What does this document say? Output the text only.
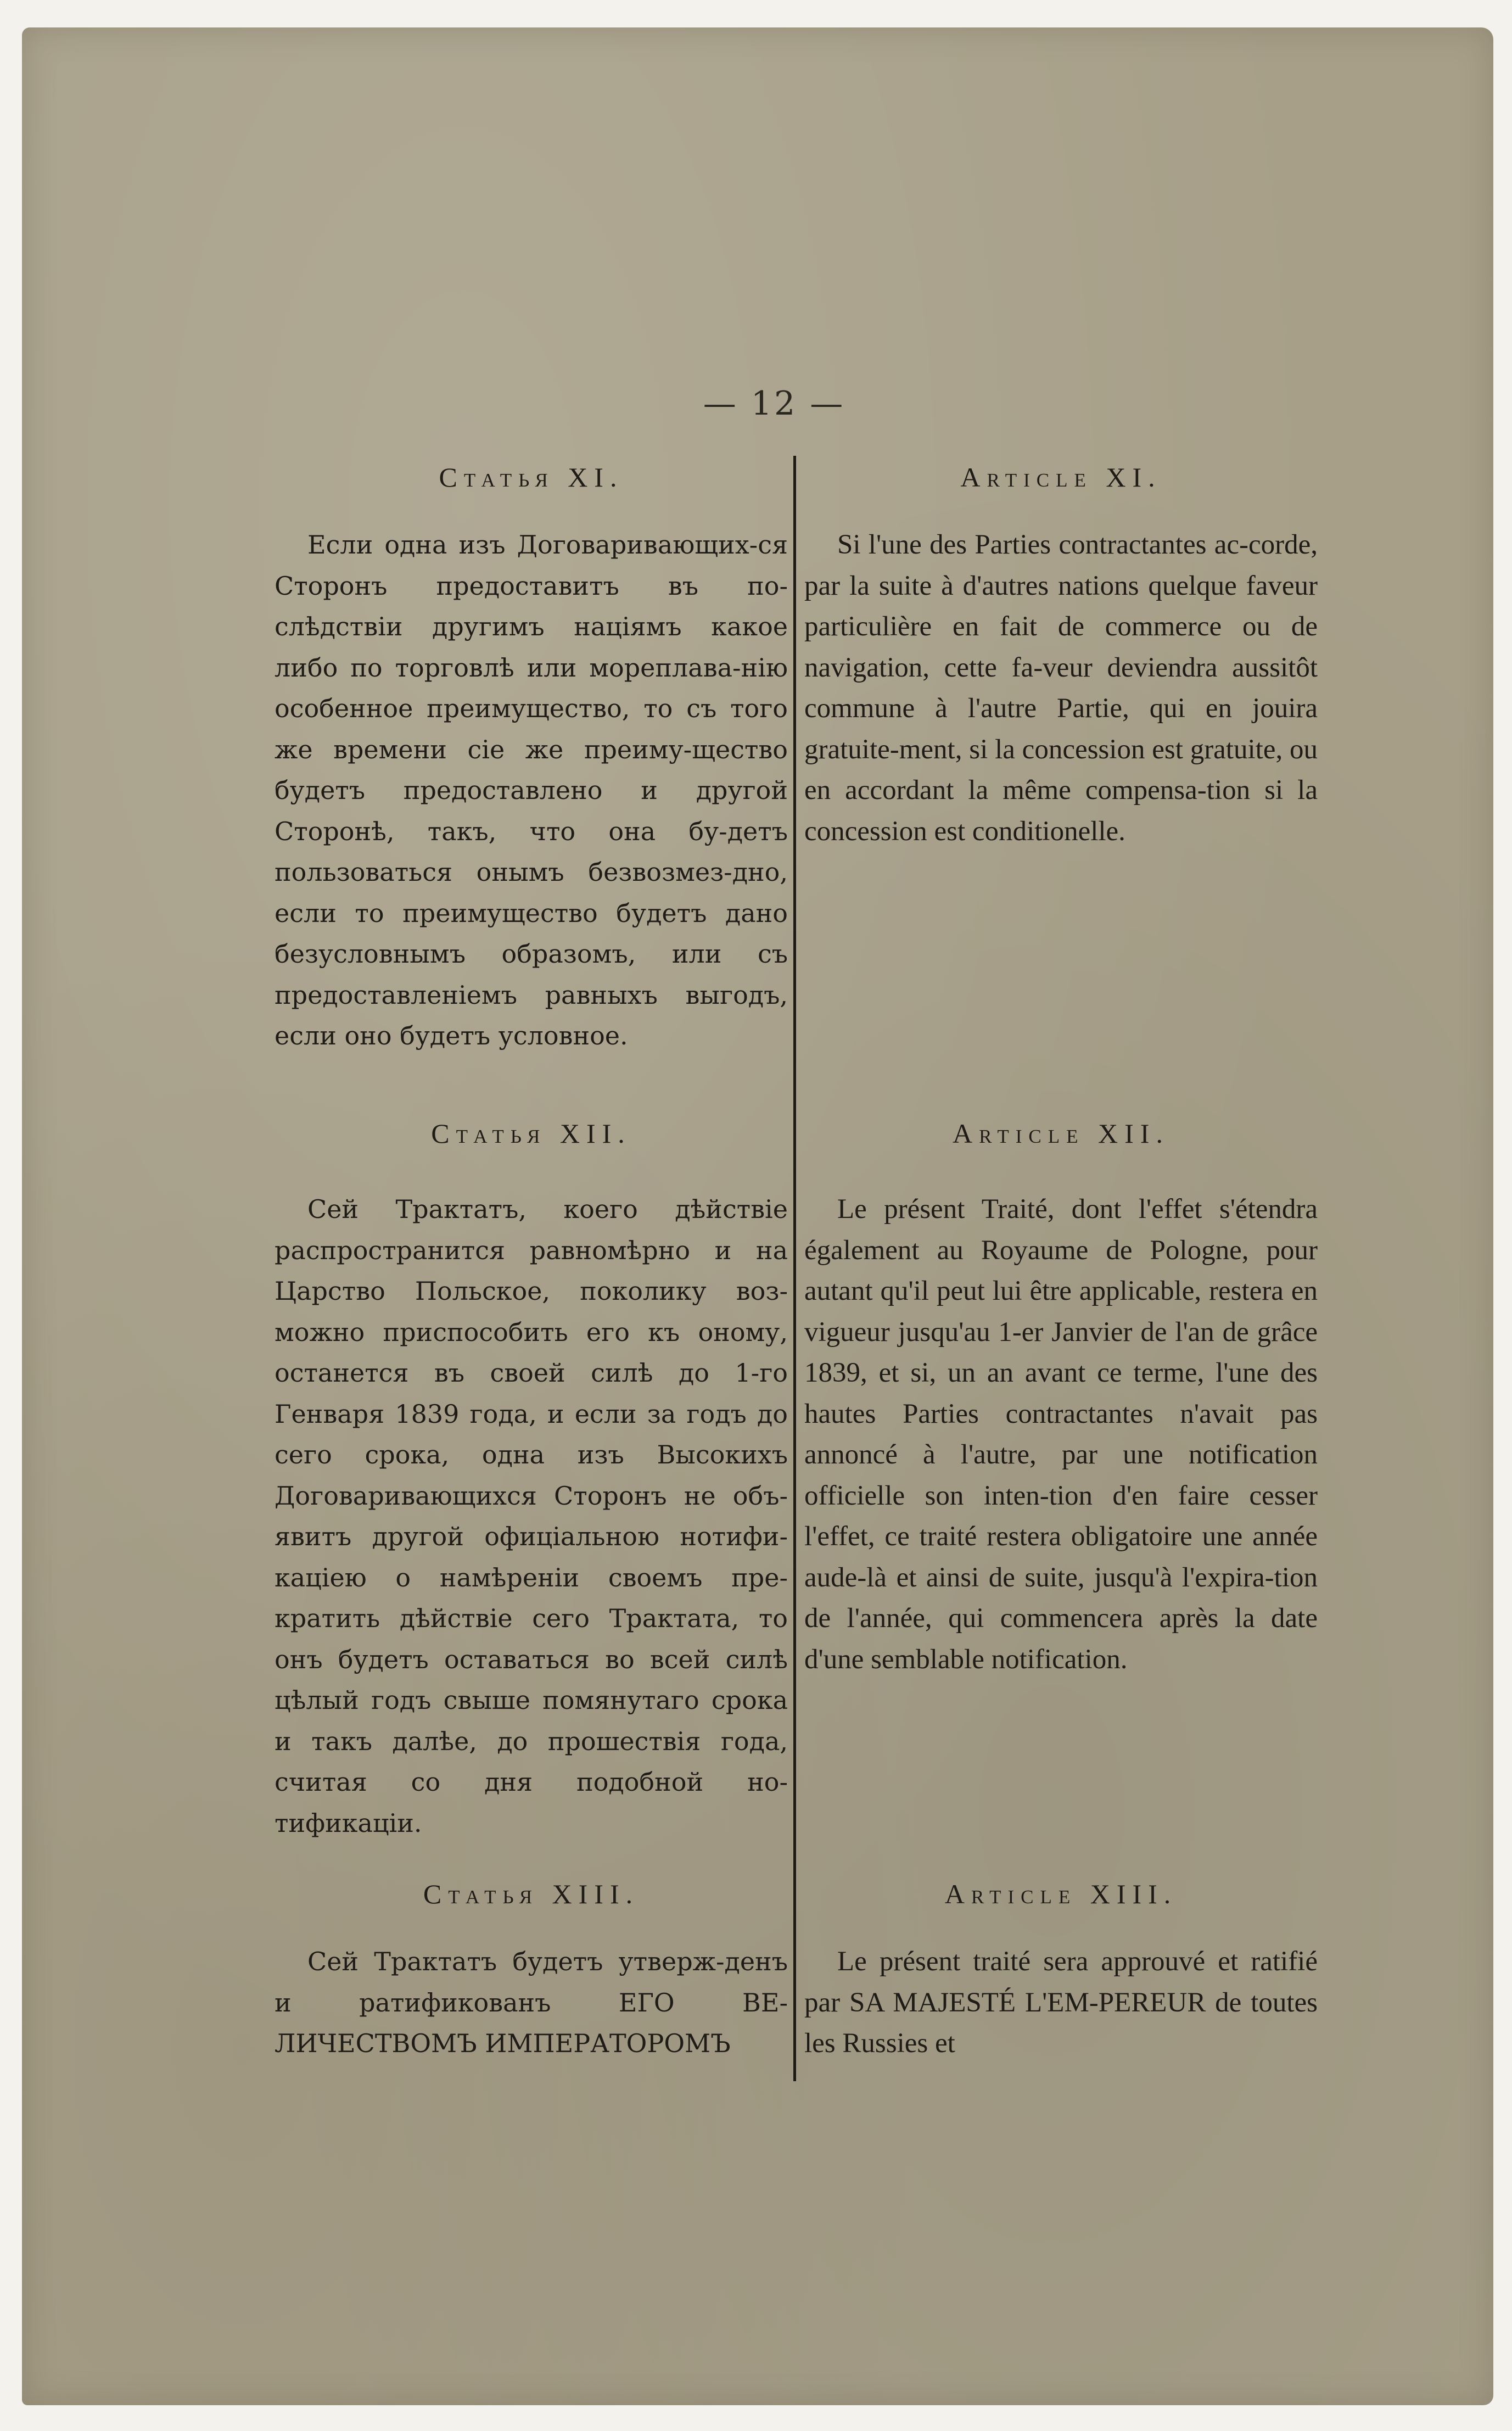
— 12 —
Статья XI.

Если одна изъ Договаривающих-ся Сторонъ предоставитъ въ по-слѣдствіи другимъ націямъ какое либо по торговлѣ или мореплава-нію особенное преимущество, то съ того же времени сіе же преиму-щество будетъ предоставлено и другой Сторонѣ, такъ, что она бу-детъ пользоваться онымъ безвозмез-дно, если то преимущество будетъ дано безусловнымъ образомъ, или съ предоставленіемъ равныхъ выгодъ, если оно будетъ условное.

Статья XII.

Сей Трактатъ, коего дѣйствіе распространится равномѣрно и на Царство Польское, поколику воз-можно приспособить его къ оному, останется въ своей силѣ до 1-го Генваря 1839 года, и если за годъ до сего срока, одна изъ Высокихъ Договаривающихся Сторонъ не объ-явитъ другой офиціальною нотифи-каціею о намѣреніи своемъ пре-кратить дѣйствіе сего Трактата, то онъ будетъ оставаться во всей силѣ цѣлый годъ свыше помянутаго срока и такъ далѣе, до прошествія года, считая со дня подобной но-тификаціи.

Статья XIII.

Сей Трактатъ будетъ утверж-денъ и ратификованъ ЕГО ВЕ-ЛИЧЕСТВОМЪ ИМПЕРАТОРОМЪ

Article XI.

Si l'une des Parties contractantes ac-corde, par la suite à d'autres nations quelque faveur particulière en fait de commerce ou de navigation, cette fa-veur deviendra aussitôt commune à l'autre Partie, qui en jouira gratuite-ment, si la concession est gratuite, ou en accordant la même compensa-tion si la concession est conditionelle.

Article XII.

Le présent Traité, dont l'effet s'étendra également au Royaume de Pologne, pour autant qu'il peut lui être applicable, restera en vigueur jusqu'au 1-er Janvier de l'an de grâce 1839, et si, un an avant ce terme, l'une des hautes Parties contractantes n'avait pas annoncé à l'autre, par une notification officielle son inten-tion d'en faire cesser l'effet, ce traité restera obligatoire une année aude-là et ainsi de suite, jusqu'à l'expira-tion de l'année, qui commencera après la date d'une semblable notification.

Article XIII.

Le présent traité sera approuvé et ratifié par SA MAJESTÉ L'EM-PEREUR de toutes les Russies et
